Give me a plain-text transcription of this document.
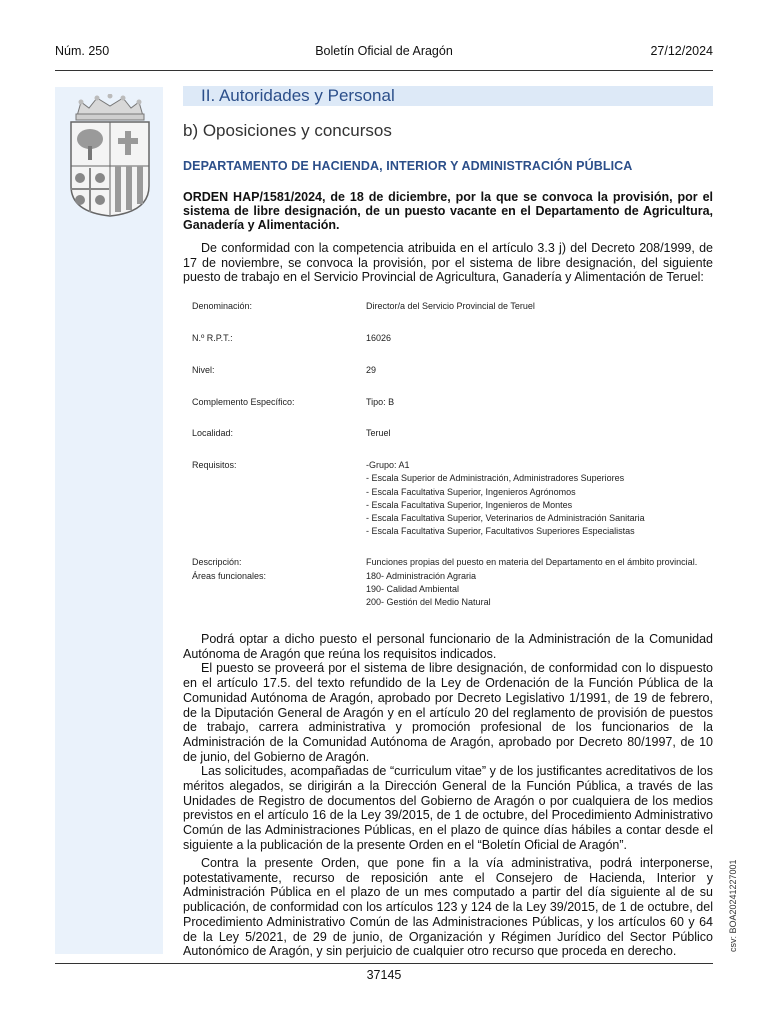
Núm. 250	Boletín Oficial de Aragón	27/12/2024
II. Autoridades y Personal
b) Oposiciones y concursos
DEPARTAMENTO DE HACIENDA, INTERIOR Y ADMINISTRACIÓN PÚBLICA
ORDEN HAP/1581/2024, de 18 de diciembre, por la que se convoca la provisión, por el sistema de libre designación, de un puesto vacante en el Departamento de Agricultura, Ganadería y Alimentación.

De conformidad con la competencia atribuida en el artículo 3.3 j) del Decreto 208/1999, de 17 de noviembre, se convoca la provisión, por el sistema de libre designación, del siguiente puesto de trabajo en el Servicio Provincial de Agricultura, Ganadería y Alimentación de Teruel:

Denominación:	Director/a del Servicio Provincial de Teruel
N.º R.P.T.:	16026
Nivel:	29
Complemento Específico:	Tipo: B
Localidad:	Teruel
Requisitos:	-Grupo: A1
- Escala Superior de Administración, Administradores Superiores
- Escala Facultativa Superior, Ingenieros Agrónomos
- Escala Facultativa Superior, Ingenieros de Montes
- Escala Facultativa Superior, Veterinarios de Administración Sanitaria
- Escala Facultativa Superior, Facultativos Superiores Especialistas
Descripción:	Funciones propias del puesto en materia del Departamento en el ámbito provincial.
Áreas funcionales:	180- Administración Agraria
190- Calidad Ambiental
200- Gestión del Medio Natural

Podrá optar a dicho puesto el personal funcionario de la Administración de la Comunidad Autónoma de Aragón que reúna los requisitos indicados.

El puesto se proveerá por el sistema de libre designación, de conformidad con lo dispuesto en el artículo 17.5. del texto refundido de la Ley de Ordenación de la Función Pública de la Comunidad Autónoma de Aragón, aprobado por Decreto Legislativo 1/1991, de 19 de febrero, de la Diputación General de Aragón y en el artículo 20 del reglamento de provisión de puestos de trabajo, carrera administrativa y promoción profesional de los funcionarios de la Administración de la Comunidad Autónoma de Aragón, aprobado por Decreto 80/1997, de 10 de junio, del Gobierno de Aragón.

Las solicitudes, acompañadas de “curriculum vitae” y de los justificantes acreditativos de los méritos alegados, se dirigirán a la Dirección General de la Función Pública, a través de las Unidades de Registro de documentos del Gobierno de Aragón o por cualquiera de los medios previstos en el artículo 16 de la Ley 39/2015, de 1 de octubre, del Procedimiento Administrativo Común de las Administraciones Públicas, en el plazo de quince días hábiles a contar desde el siguiente a la publicación de la presente Orden en el “Boletín Oficial de Aragón”.

Contra la presente Orden, que pone fin a la vía administrativa, podrá interponerse, potestativamente, recurso de reposición ante el Consejero de Hacienda, Interior y Administración Pública en el plazo de un mes computado a partir del día siguiente al de su publicación, de conformidad con los artículos 123 y 124 de la Ley 39/2015, de 1 de octubre, del Procedimiento Administrativo Común de las Administraciones Públicas, y los artículos 60 y 64 de la Ley 5/2021, de 29 de junio, de Organización y Régimen Jurídico del Sector Público Autonómico de Aragón, y sin perjuicio de cualquier otro recurso que proceda en derecho.

37145
csv: BOA20241227001
